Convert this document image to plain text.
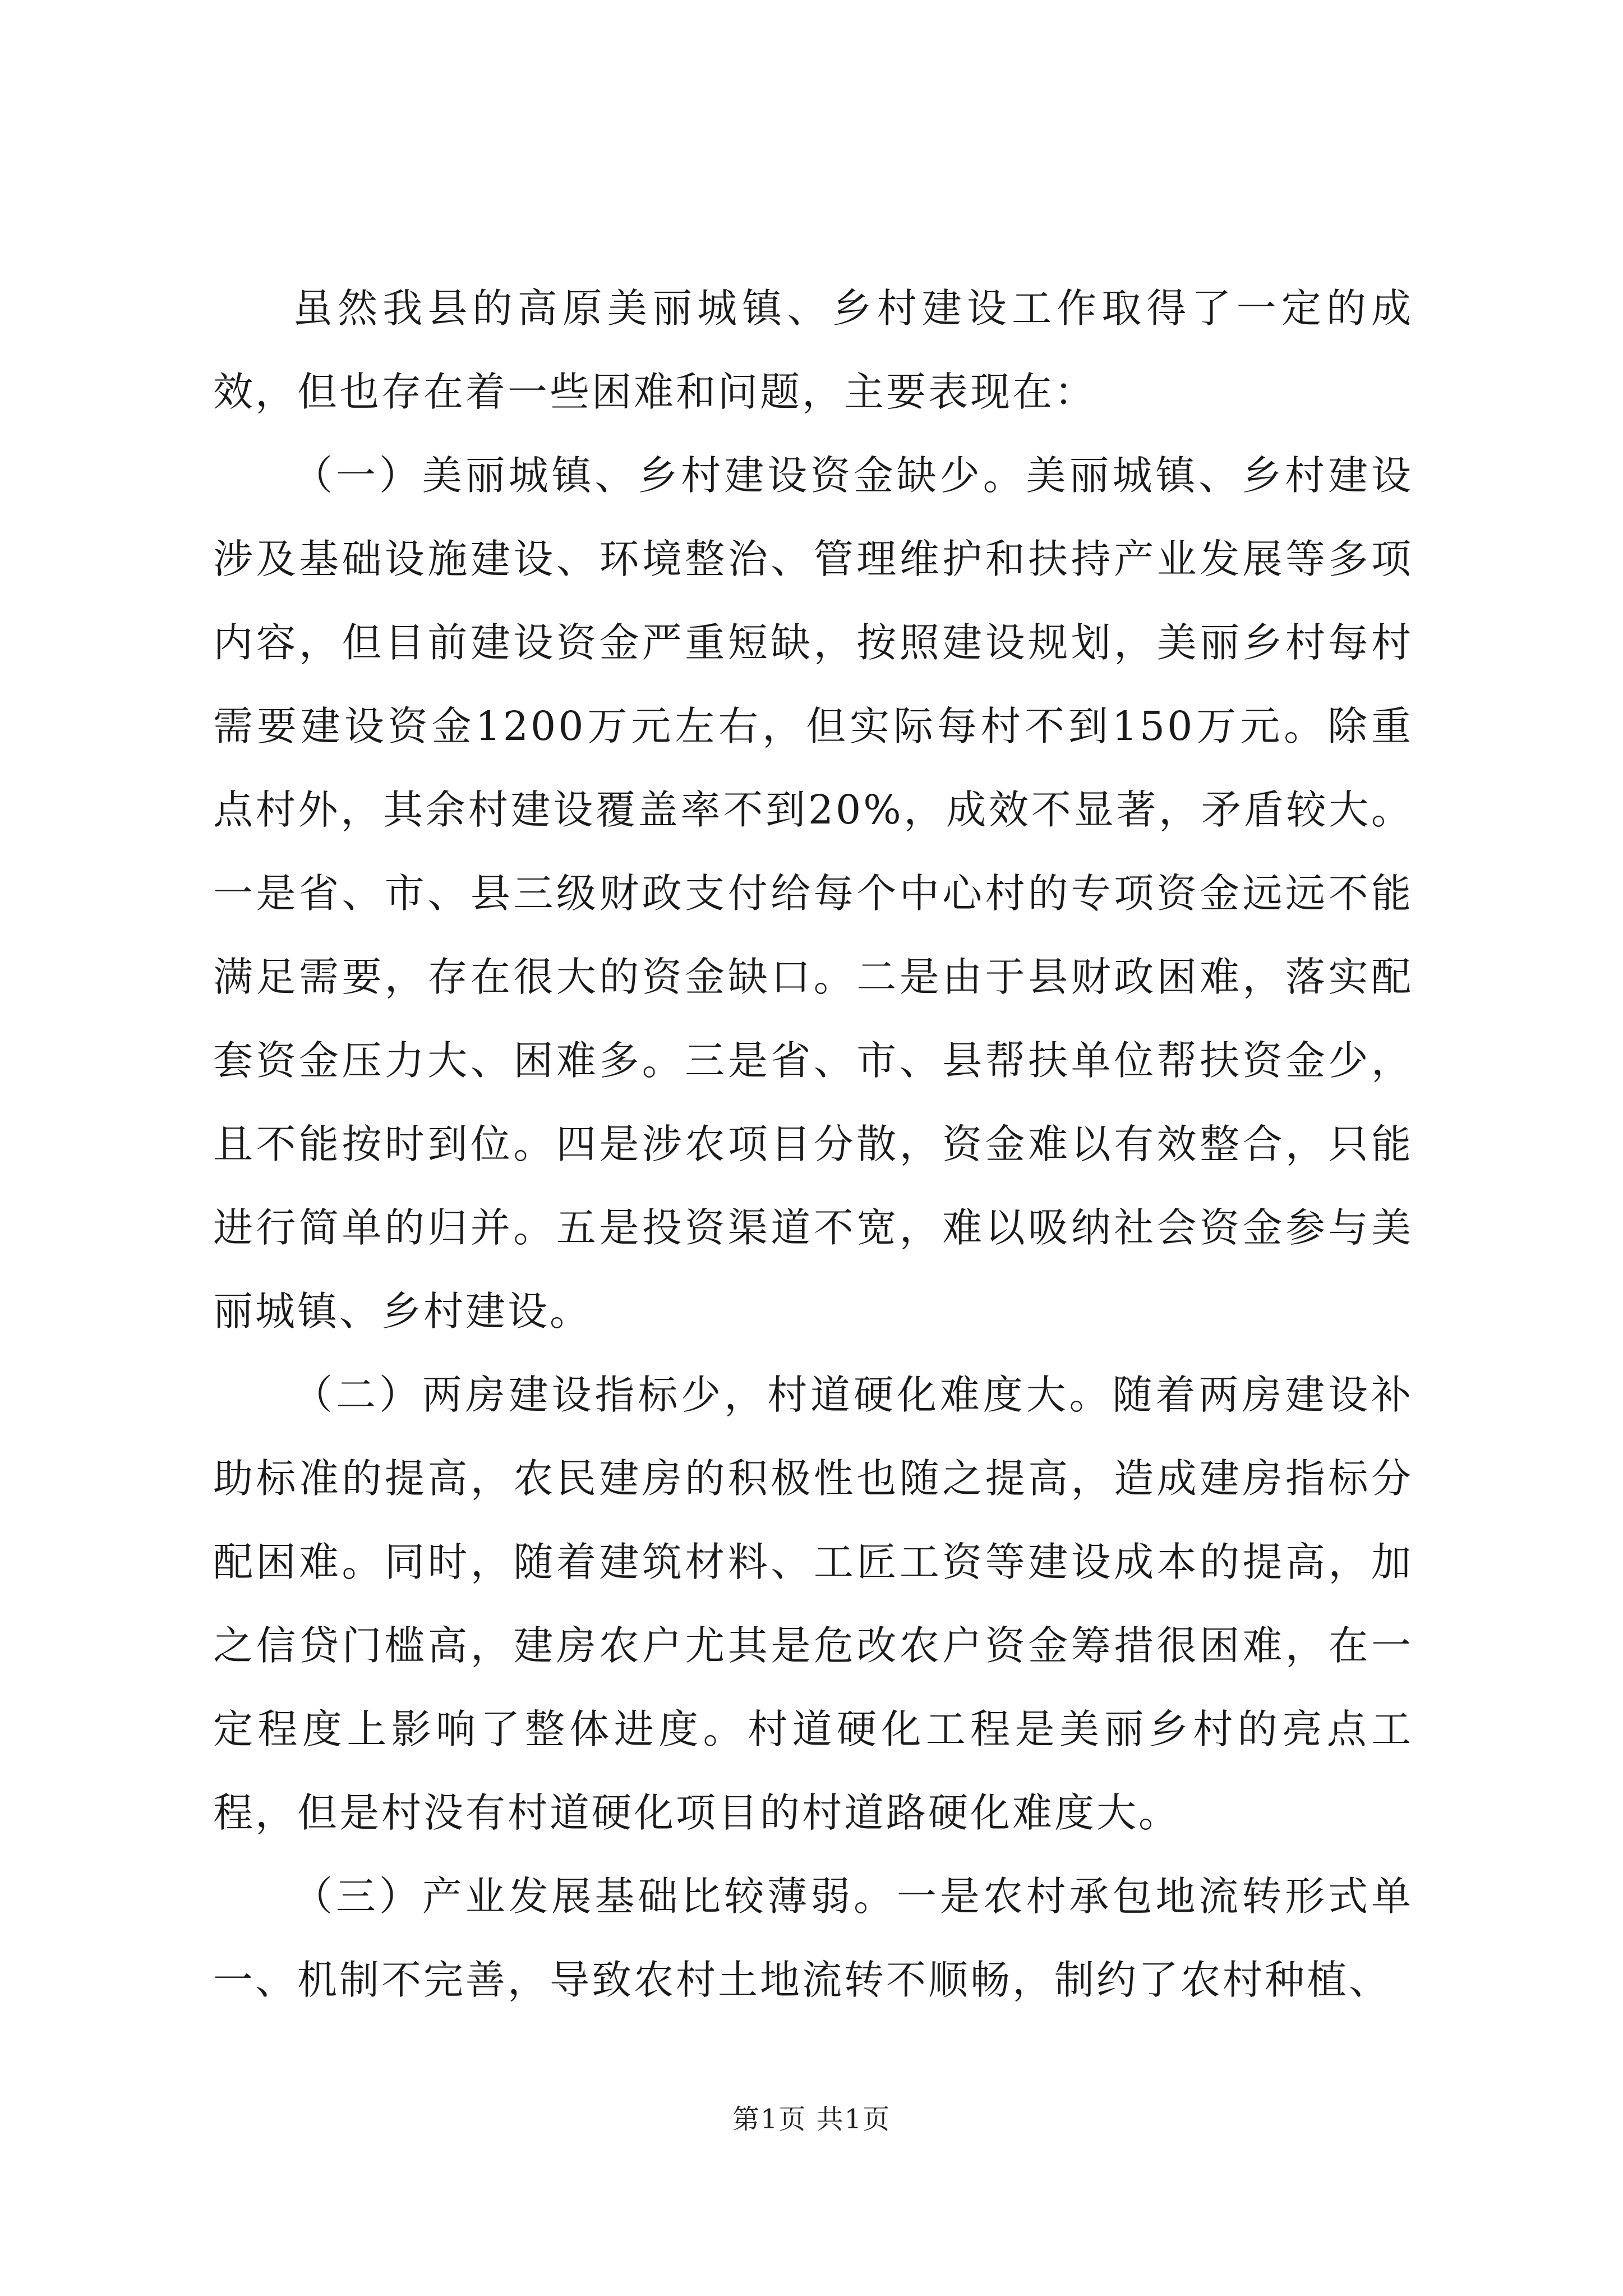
虽然我县的高原美丽城镇、乡村建设工作取得了一定的成效，但也存在着一些困难和问题，主要表现在：

（一）美丽城镇、乡村建设资金缺少。美丽城镇、乡村建设涉及基础设施建设、环境整治、管理维护和扶持产业发展等多项内容，但目前建设资金严重短缺，按照建设规划，美丽乡村每村需要建设资金1200万元左右，但实际每村不到150万元。除重点村外，其余村建设覆盖率不到20%，成效不显著，矛盾较大。一是省、市、县三级财政支付给每个中心村的专项资金远远不能满足需要，存在很大的资金缺口。二是由于县财政困难，落实配套资金压力大、困难多。三是省、市、县帮扶单位帮扶资金少，且不能按时到位。四是涉农项目分散，资金难以有效整合，只能进行简单的归并。五是投资渠道不宽，难以吸纳社会资金参与美丽城镇、乡村建设。

（二）两房建设指标少，村道硬化难度大。随着两房建设补助标准的提高，农民建房的积极性也随之提高，造成建房指标分配困难。同时，随着建筑材料、工匠工资等建设成本的提高，加之信贷门槛高，建房农户尤其是危改农户资金筹措很困难，在一定程度上影响了整体进度。村道硬化工程是美丽乡村的亮点工程，但是村没有村道硬化项目的村道路硬化难度大。

（三）产业发展基础比较薄弱。一是农村承包地流转形式单一、机制不完善，导致农村土地流转不顺畅，制约了农村种植、

第1页 共1页
